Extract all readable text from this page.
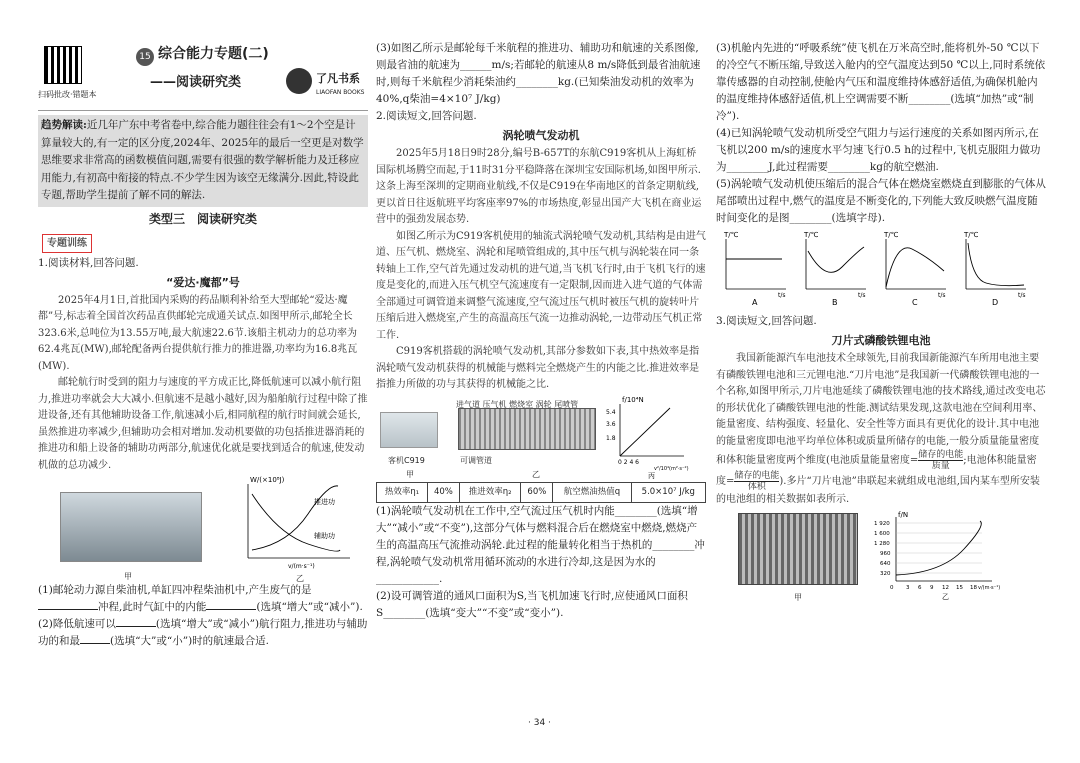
扫码批改·错题本
15 综合能力专题(二)
——阅读研究类	了凡书系
LIAOFAN BOOKS
趋势解读:近几年广东中考省卷中,综合能力题往往会有1～2个空是计算量较大的,有一定的区分度,2024年、2025年的最后一空更是对数学思维要求非常高的函数模值问题,需要有很强的数学解析能力及迁移应用能力,有初高中衔接的特点.不少学生因为该空无缘满分.因此,特设此专题,帮助学生提前了解不同的解法.
类型三　阅读研究类
专题训练

1.阅读材料,回答问题.

“爱达·魔都”号

2025年4月1日,首批国内采购的药品顺利补给至大型邮轮“爱达·魔都”号,标志着全国首次药品直供邮轮完成通关试点.如图甲所示,邮轮全长323.6米,总吨位为13.55万吨,最大航速22.6节.该船主机动力的总功率为62.4兆瓦(MW),邮轮配备两台提供航行推力的推进器,功率均为16.8兆瓦(MW).

邮轮航行时受到的阻力与速度的平方成正比,降低航速可以减小航行阻力,推进功率就会大大减小.但航速不是越小越好,因为船舶航行过程中除了推进设备,还有其他辅助设备工作,航速减小后,相同航程的航行时间就会延长,虽然推进功率减少,但辅助功会相对增加.发动机要做的功包括推进器消耗的推进功和船上设备的辅助功两部分,航速优化就是要找到适合的航速,使发动机做的总功减少.

甲
W/(×10⁸J)
推进功
辅助功
v/(m·s⁻¹)
乙

(1)邮轮动力源自柴油机,单缸四冲程柴油机中,产生废气的是
冲程,此时气缸中的内能	(选填“增大”或“减小”).

(2)降低航速可以	(选填“增大”或“减小”)航行阻力,推进功与辅助功的和最	(选填“大”或“小”)时的航速最合适.

(3)如图乙所示是邮轮每千米航程的推进功、辅助功和航速的关系图像,则最省油的航速为______m/s;若邮轮的航速从8 m/s降低到最省油航速时,则每千米航程少消耗柴油约________kg.(已知柴油发动机的效率为40%,q柴油=4×10⁷ J/kg)

2.阅读短文,回答问题.

涡轮喷气发动机

2025年5月18日9时28分,编号B-657T的东航C919客机从上海虹桥国际机场腾空而起,于11时31分平稳降落在深圳宝安国际机场,如图甲所示.这条上海至深圳的定期商业航线,不仅是C919在华南地区的首条定期航线,更以首日往返航班平均客座率97%的市场热度,彰显出国产大飞机在商业运营中的强劲发展态势.

如图乙所示为C919客机使用的轴流式涡轮喷气发动机,其结构是由进气道、压气机、燃烧室、涡轮和尾喷管组成的,其中压气机与涡轮装在同一条转轴上工作,空气首先通过发动机的进气道,当飞机飞行时,由于飞机飞行的速度是变化的,而进入压气机空气流速度有一定限制,因而进入进气道的气体需全部通过可调管道来调整气流速度,空气流过压气机时被压气机的旋转叶片压缩后进入燃烧室,产生的高温高压气流一边推动涡轮,一边带动压气机正常工作.

C919客机搭载的涡轮喷气发动机,其部分参数如下表,其中热效率是指涡轮喷气发动机获得的机械能与燃料完全燃烧产生的内能之比.推进效率是指推力所做的功与其获得的机械能之比.

客机C919
甲
进气道 压气机 燃烧室 涡轮 尾喷管
可调管道
乙
f/10⁴N
5.4
3.6
1.8
0 2 4 6
v²/10⁴(m²·s⁻²)
丙
热效率η₁	40%	推进效率η₂	60%	航空燃油热值q	5.0×10⁷ J/kg

(1)涡轮喷气发动机在工作中,空气流过压气机时内能________(选填“增大”“减小”或“不变”),这部分气体与燃料混合后在燃烧室中燃烧,燃烧产生的高温高压气流推动涡轮.此过程的能量转化相当于热机的________冲程,涡轮喷气发动机常用循环流动的水进行冷却,这是因为水的____________.

(2)设可调管道的通风口面积为S,当飞机加速飞行时,应使通风口面积S________(选填“变大”“不变”或“变小”).

(3)机舱内先进的“呼吸系统”使飞机在万米高空时,能将机外-50 ℃以下的冷空气不断压缩,导致送入舱内的空气温度达到50 ℃以上,同时系统依靠传感器的自动控制,使舱内气压和温度维持体感舒适值,为确保机舱内的温度维持体感舒适值,机上空调需要不断________(选填“加热”或“制冷”).

(4)已知涡轮喷气发动机所受空气阻力与运行速度的关系如图丙所示,在飞机以200 m/s的速度水平匀速飞行0.5 h的过程中,飞机克服阻力做功为________J,此过程需要________kg的航空燃油.

(5)涡轮喷气发动机使压缩后的混合气体在燃烧室燃烧直到膨胀的气体从尾部喷出过程中,燃气的温度是不断变化的,下列能大致反映燃气温度随时间变化的是图________(选填字母).

T/℃
t/s
A
T/℃
t/s
B
T/℃
t/s
C
T/℃
t/s
D

3.阅读短文,回答问题.

刀片式磷酸铁锂电池

我国新能源汽车电池技术全球领先,目前我国新能源汽车所用电池主要有磷酸铁锂电池和三元锂电池.“刀片电池”是我国新一代磷酸铁锂电池的一个名称,如图甲所示,刀片电池延续了磷酸铁锂电池的技术路线,通过改变电芯的形状优化了磷酸铁锂电池的性能.测试结果发现,这款电池在空间利用率、能量密度、结构强度、轻量化、安全性等方面具有更优化的设计.其中电池的能量密度即电池平均单位体积或质量所储存的电能,一般分质量能量密度和体积能量密度两个维度(电池质量能量密度= 储存的电能
质量	;电池体积能量密度= 储存的电能
体积	).多片“刀片电池”串联起来就组成电池组,国内某车型所安装的电池组的相关数据如表所示.

甲
f/N
1 920
1 600
1 280
960
640
320
0 3 6 9 12 15 18 v/(m·s⁻¹)
乙
· 34 ·
